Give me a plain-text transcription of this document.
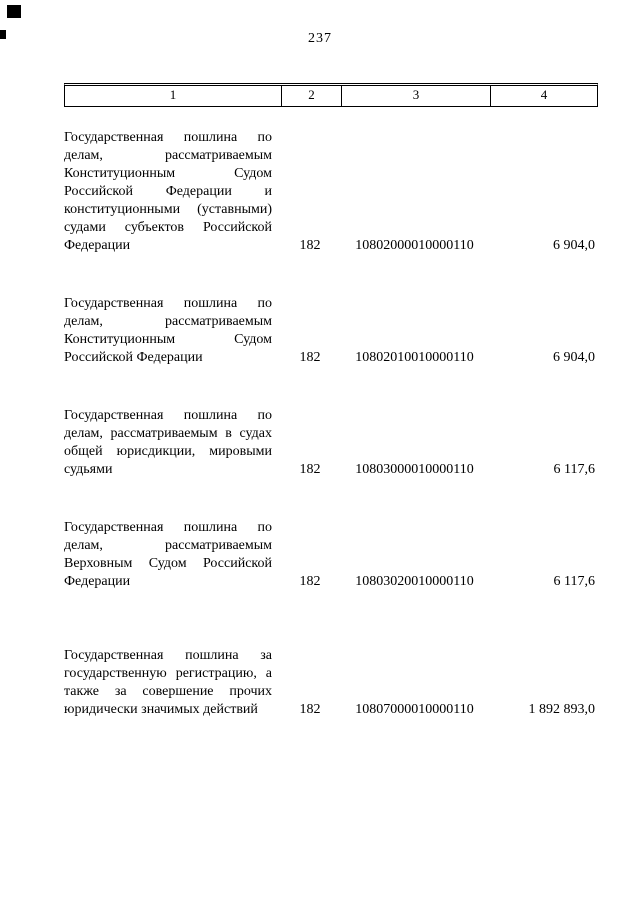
237
1	2	3	4

Государственная пошлина по делам, рассматриваемым Конституционным Судом Российской Федерации и конституционными (уставными) судами субъектов Российской Федерации	182	10802000010000110	6 904,0

Государственная пошлина по делам, рассматриваемым Конституционным Судом Российской Федерации	182	10802010010000110	6 904,0

Государственная пошлина по делам, рассматриваемым в судах общей юрисдикции, мировыми судьями	182	10803000010000110	6 117,6

Государственная пошлина по делам, рассматриваемым Верховным Судом Российской Федерации	182	10803020010000110	6 117,6

Государственная пошлина за государственную регистрацию, а также за совершение прочих юридически значимых действий	182	10807000010000110	1 892 893,0
